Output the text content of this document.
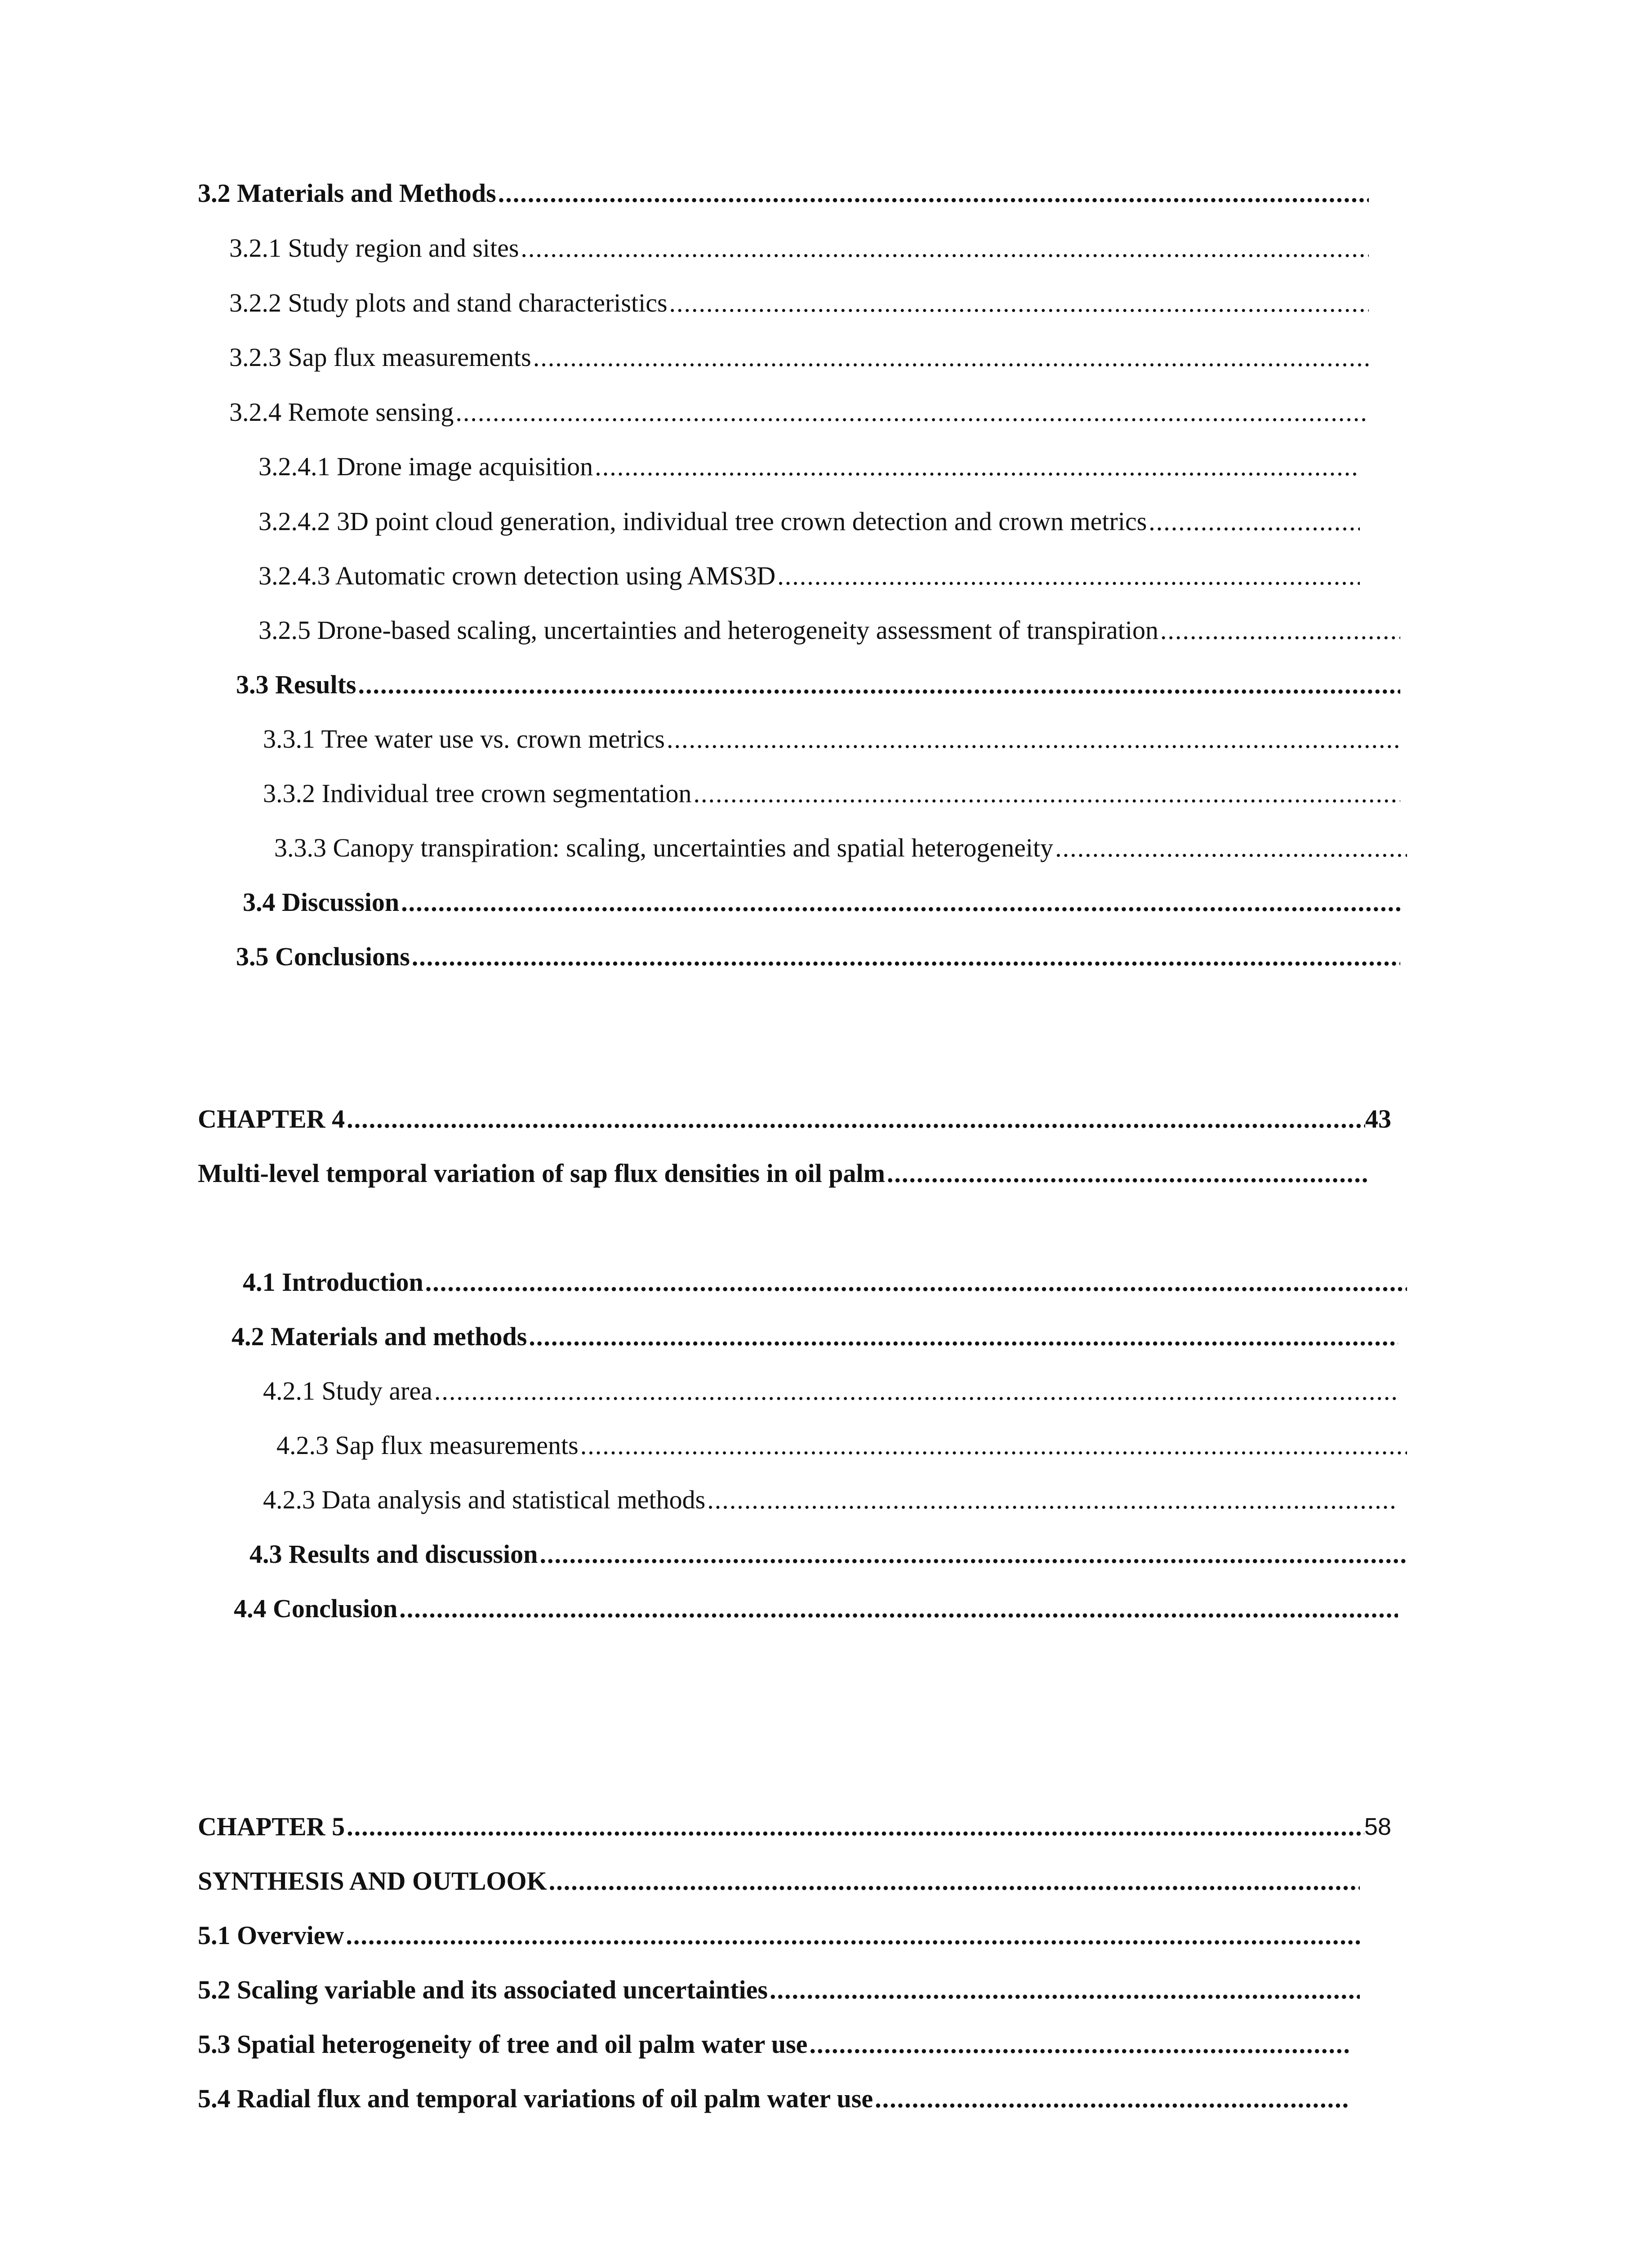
3.2 Materials and Methods
.....
3.2.1 Study region and sites
.....
3.2.2 Study plots and stand characteristics
.....
3.2.3 Sap flux measurements
.....
3.2.4 Remote sensing
.....
3.2.4.1 Drone image acquisition
.....
3.2.4.2 3D point cloud generation, individual tree crown detection and crown metrics
.....
3.2.4.3 Automatic crown detection using AMS3D
.....
3.2.5 Drone-based scaling, uncertainties and heterogeneity assessment of transpiration
.....
3.3 Results
.....
3.3.1 Tree water use vs. crown metrics
.....
3.3.2 Individual tree crown segmentation
.....
3.3.3 Canopy transpiration: scaling, uncertainties and spatial heterogeneity
.....
3.4 Discussion
.....
3.5 Conclusions
.....
CHAPTER 4 .....	43
Multi-level temporal variation of sap flux densities in oil palm
.....
4.1 Introduction
.....
4.2 Materials and methods
.....
4.2.1 Study area
.....
4.2.3 Sap flux measurements
.....
4.2.3 Data analysis and statistical methods
.....
4.3 Results and discussion
.....
4.4 Conclusion
.....
CHAPTER 5 .....	58
SYNTHESIS AND OUTLOOK
.....
5.1 Overview
.....
5.2 Scaling variable and its associated uncertainties
.....
5.3 Spatial heterogeneity of tree and oil palm water use
.....
5.4 Radial flux and temporal variations of oil palm water use
.....
